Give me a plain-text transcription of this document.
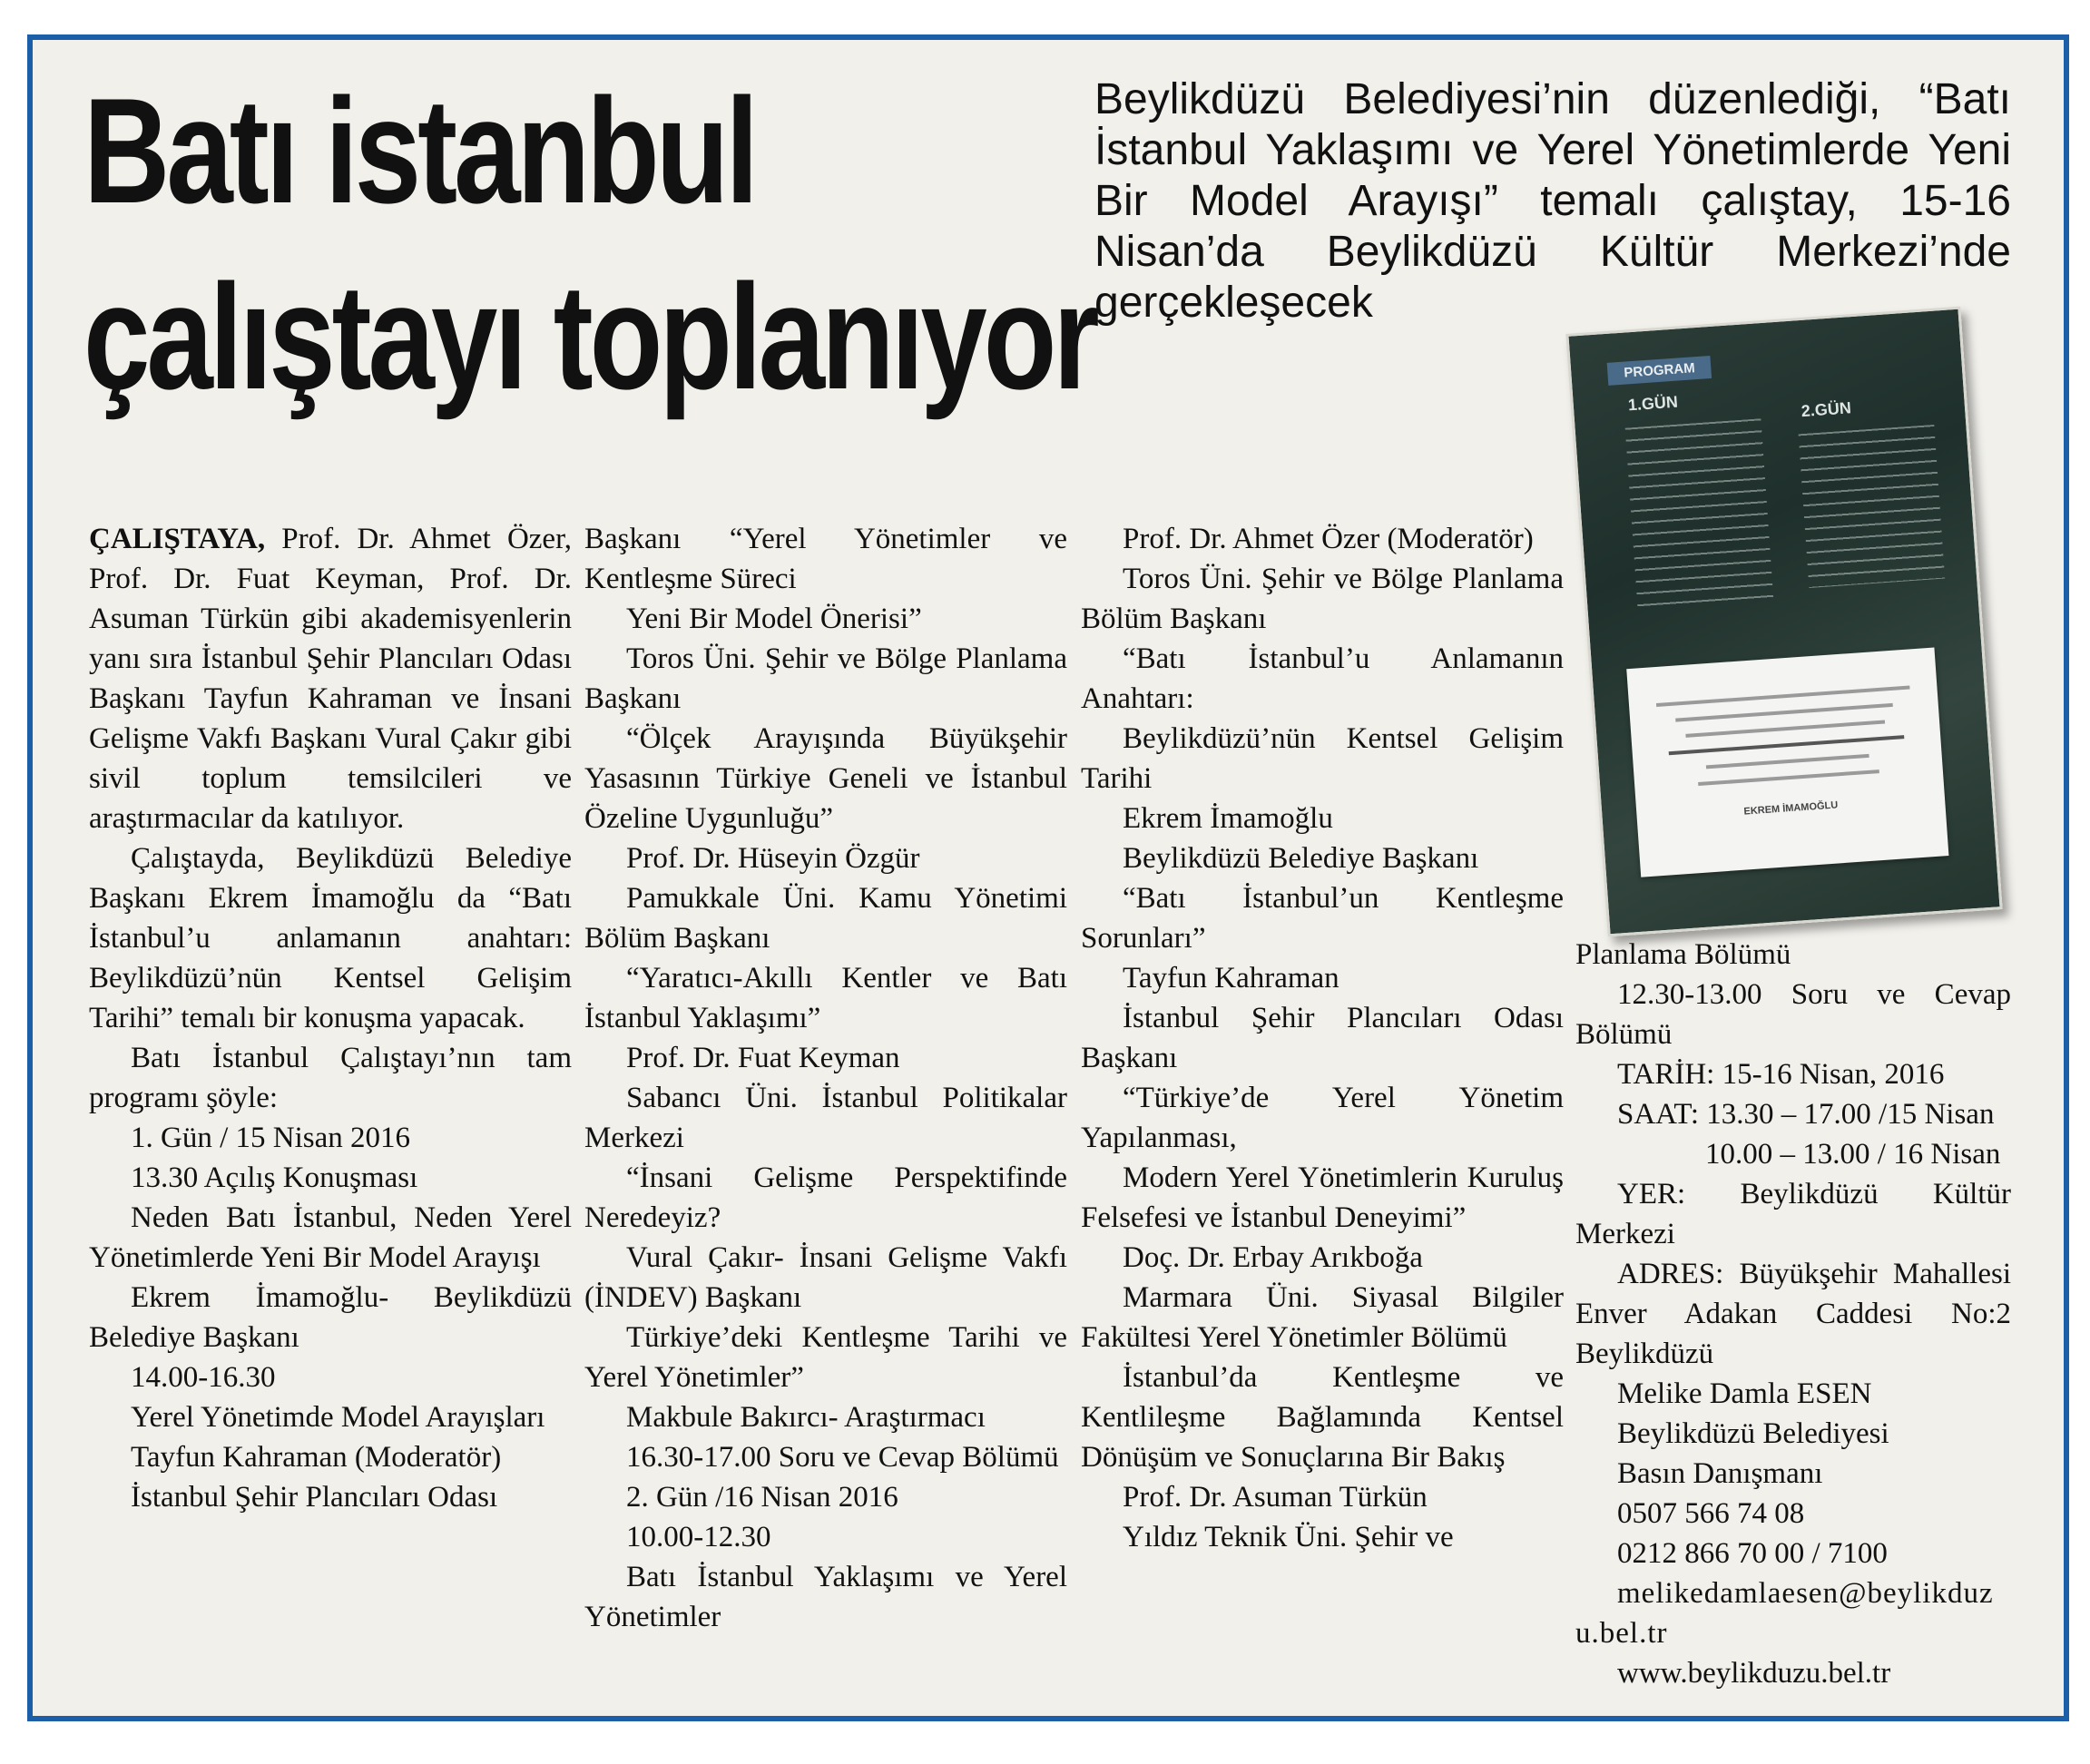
Batı istanbul
çalıştayı toplanıyor
Beylikdüzü Belediyesi’nin düzenlediği, “Batı İstanbul Yaklaşımı ve Yerel Yönetimlerde Yeni Bir Model Arayışı” temalı çalıştay, 15-16 Nisan’da Beylikdüzü Kültür Merkezi’nde gerçekleşecek
PROGRAM
1.GÜN	2.GÜN
EKREM İMAMOĞLU

ÇALIŞTAYA, Prof. Dr. Ahmet Özer, Prof. Dr. Fuat Keyman, Prof. Dr. Asuman Türkün gibi akademisyenlerin yanı sıra İstanbul Şehir Plancıları Odası Başkanı Tayfun Kahraman ve İnsani Gelişme Vakfı Başkanı Vural Çakır gibi sivil toplum temsilcileri ve araştırmacılar da katılıyor.

Çalıştayda, Beylikdüzü Belediye Başkanı Ekrem İmamoğlu da “Batı İstanbul’u anlamanın anahtarı: Beylikdüzü’nün Kentsel Gelişim Tarihi” temalı bir konuşma yapacak.

Batı İstanbul Çalıştayı’nın tam programı şöyle:

1. Gün / 15 Nisan 2016

13.30 Açılış Konuşması

Neden Batı İstanbul, Neden Yerel Yönetimlerde Yeni Bir Model Arayışı

Ekrem İmamoğlu- Beylikdüzü Belediye Başkanı

14.00-16.30

Yerel Yönetimde Model Arayışları

Tayfun Kahraman (Moderatör)

İstanbul Şehir Plancıları Odası

Başkanı “Yerel Yönetimler ve Kentleşme Süreci

Yeni Bir Model Önerisi”

Toros Üni. Şehir ve Bölge Planlama Başkanı

“Ölçek Arayışında Büyükşehir Yasasının Türkiye Geneli ve İstanbul Özeline Uygunluğu”

Prof. Dr. Hüseyin Özgür

Pamukkale Üni. Kamu Yönetimi Bölüm Başkanı

“Yaratıcı-Akıllı Kentler ve Batı İstanbul Yaklaşımı”

Prof. Dr. Fuat Keyman

Sabancı Üni. İstanbul Politikalar Merkezi

“İnsani Gelişme Perspektifinde Neredeyiz?

Vural Çakır- İnsani Gelişme Vakfı (İNDEV) Başkanı

Türkiye’deki Kentleşme Tarihi ve Yerel Yönetimler”

Makbule Bakırcı- Araştırmacı

16.30-17.00 Soru ve Cevap Bölümü

2. Gün /16 Nisan 2016

10.00-12.30

Batı İstanbul Yaklaşımı ve Yerel Yönetimler

Prof. Dr. Ahmet Özer (Moderatör)

Toros Üni. Şehir ve Bölge Planlama Bölüm Başkanı

“Batı İstanbul’u Anlamanın Anahtarı:

Beylikdüzü’nün Kentsel Gelişim Tarihi

Ekrem İmamoğlu

Beylikdüzü Belediye Başkanı

“Batı İstanbul’un Kentleşme Sorunları”

Tayfun Kahraman

İstanbul Şehir Plancıları Odası Başkanı

“Türkiye’de Yerel Yönetim Yapılanması,

Modern Yerel Yönetimlerin Kuruluş Felsefesi ve İstanbul Deneyimi”

Doç. Dr. Erbay Arıkboğa

Marmara Üni. Siyasal Bilgiler Fakültesi Yerel Yönetimler Bölümü

İstanbul’da Kentleşme ve Kentlileşme Bağlamında Kentsel Dönüşüm ve Sonuçlarına Bir Bakış

Prof. Dr. Asuman Türkün

Yıldız Teknik Üni. Şehir ve

Planlama Bölümü

12.30-13.00 Soru ve Cevap Bölümü

TARİH: 15-16 Nisan, 2016

SAAT: 13.30 – 17.00 /15 Nisan

10.00 – 13.00 / 16 Nisan

YER: Beylikdüzü Kültür Merkezi

ADRES: Büyükşehir Mahallesi Enver Adakan Caddesi No:2 Beylikdüzü

Melike Damla ESEN

Beylikdüzü Belediyesi

Basın Danışmanı

0507 566 74 08

0212 866 70 00 / 7100

melikedamlaesen@beylikduzu.bel.tr

www.beylikduzu.bel.tr
